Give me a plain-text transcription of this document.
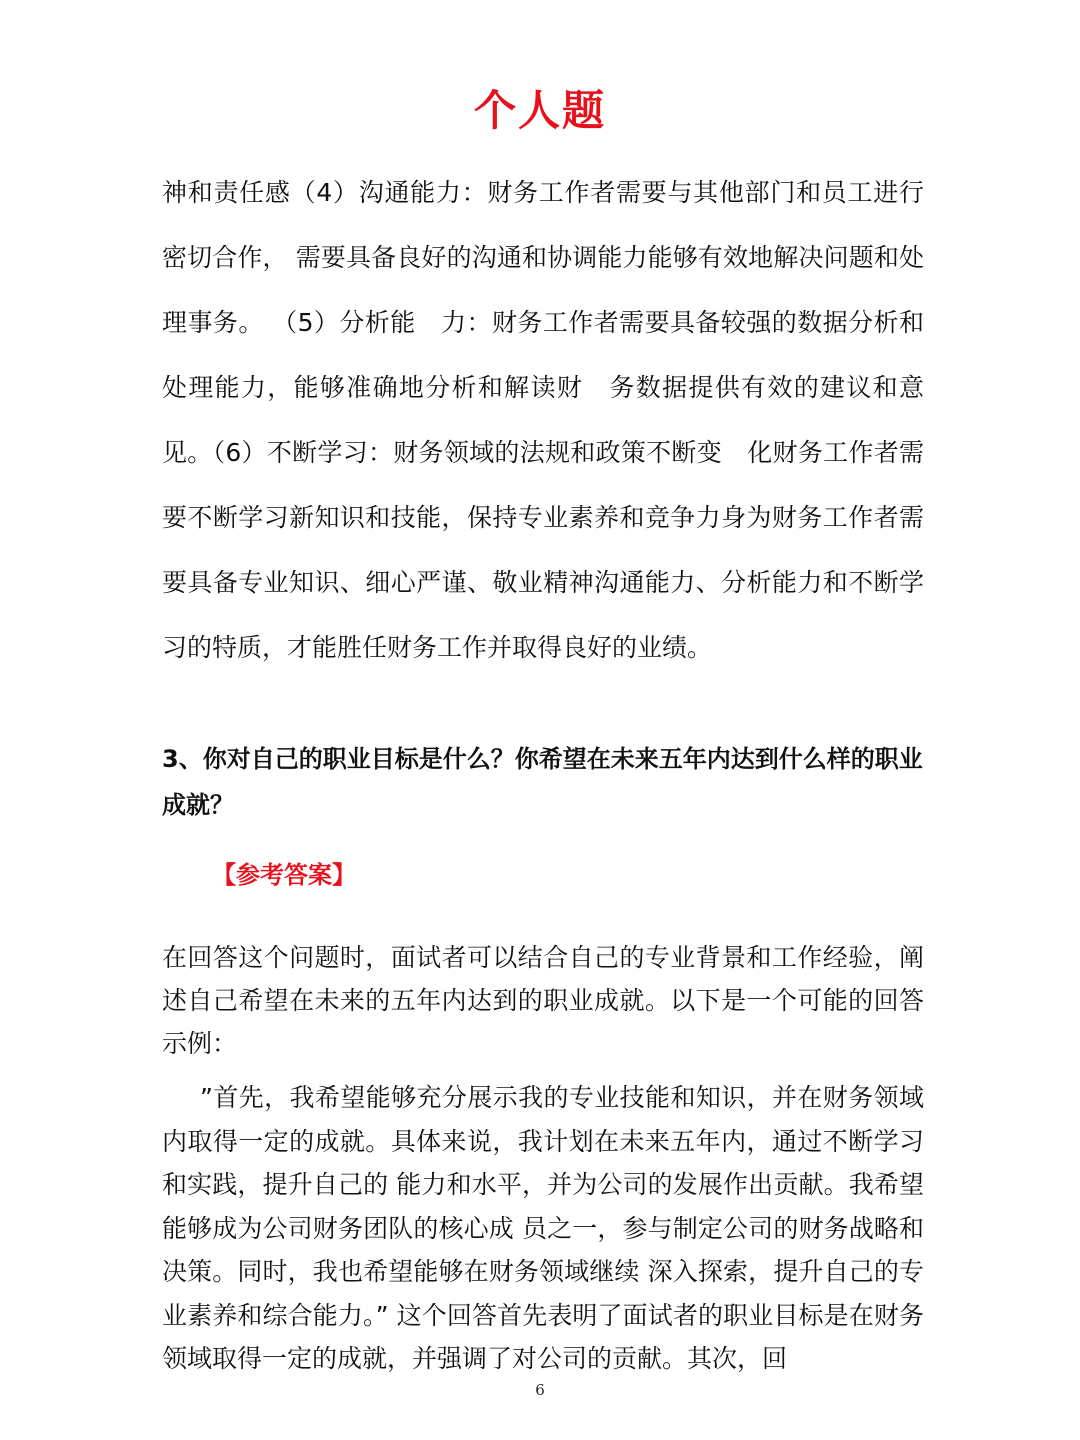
个人题

神和责任感（4）沟通能力：财务工作者需要与其他部门和员工进行密切合作， 需要具备良好的沟通和协调能力能够有效地解决问题和处理事务。 （5）分析能　力：财务工作者需要具备较强的数据分析和处理能力，能够准确地分析和解读财　务数据提供有效的建议和意见。（6）不断学习：财务领域的法规和政策不断变　化财务工作者需要不断学习新知识和技能，保持专业素养和竞争力身为财务工作者需要具备专业知识、细心严谨、敬业精神沟通能力、分析能力和不断学习的特质，才能胜任财务工作并取得良好的业绩。

3、你对自己的职业目标是什么？你希望在未来五年内达到什么样的职业成就？

【参考答案】

在回答这个问题时，面试者可以结合自己的专业背景和工作经验，阐述自己希望在未来的五年内达到的职业成就。以下是一个可能的回答示例：

”首先，我希望能够充分展示我的专业技能和知识，并在财务领域内取得一定的成就。具体来说，我计划在未来五年内，通过不断学习和实践，提升自己的 能力和水平，并为公司的发展作出贡献。我希望能够成为公司财务团队的核心成 员之一，参与制定公司的财务战略和决策。同时，我也希望能够在财务领域继续 深入探索，提升自己的专业素养和综合能力。” 这个回答首先表明了面试者的职业目标是在财务领域取得一定的成就，并强调了对公司的贡献。其次，回

6
